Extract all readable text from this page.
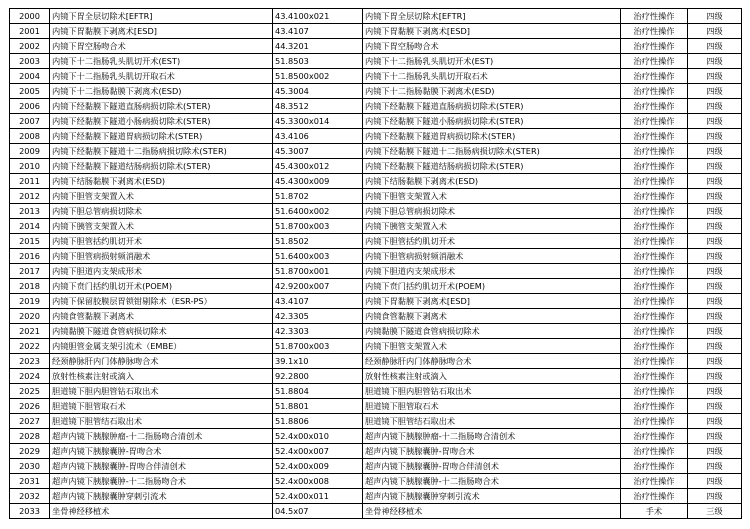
2000	内镜下胃全层切除术[EFTR]	43.4100x021	内镜下胃全层切除术[EFTR]	治疗性操作	四级
2001	内镜下胃黏膜下剥离术[ESD]	43.4107	内镜下胃黏膜下剥离术[ESD]	治疗性操作	四级
2002	内镜下胃空肠吻合术	44.3201	内镜下胃空肠吻合术	治疗性操作	四级
2003	内镜下十二指肠乳头肌切开术(EST)	51.8503	内镜下十二指肠乳头肌切开术(EST)	治疗性操作	四级
2004	内镜下十二指肠乳头肌切开取石术	51.8500x002	内镜下十二指肠乳头肌切开取石术	治疗性操作	四级
2005	内镜下十二指肠黏膜下剥离术(ESD)	45.3004	内镜下十二指肠黏膜下剥离术(ESD)	治疗性操作	四级
2006	内镜下经黏膜下隧道直肠病损切除术(STER)	48.3512	内镜下经黏膜下隧道直肠病损切除术(STER)	治疗性操作	四级
2007	内镜下经黏膜下隧道小肠病损切除术(STER)	45.3300x014	内镜下经黏膜下隧道小肠病损切除术(STER)	治疗性操作	四级
2008	内镜下经黏膜下隧道胃病损切除术(STER)	43.4106	内镜下经黏膜下隧道胃病损切除术(STER)	治疗性操作	四级
2009	内镜下经黏膜下隧道十二指肠病损切除术(STER)	45.3007	内镜下经黏膜下隧道十二指肠病损切除术(STER)	治疗性操作	四级
2010	内镜下经黏膜下隧道结肠病损切除术(STER)	45.4300x012	内镜下经黏膜下隧道结肠病损切除术(STER)	治疗性操作	四级
2011	内镜下结肠黏膜下剥离术(ESD)	45.4300x009	内镜下结肠黏膜下剥离术(ESD)	治疗性操作	四级
2012	内镜下胆管支架置入术	51.8702	内镜下胆管支架置入术	治疗性操作	四级
2013	内镜下胆总管病损切除术	51.6400x002	内镜下胆总管病损切除术	治疗性操作	四级
2014	内镜下胰管支架置入术	51.8700x003	内镜下胰管支架置入术	治疗性操作	四级
2015	内镜下胆管括约肌切开术	51.8502	内镜下胆管括约肌切开术	治疗性操作	四级
2016	内镜下胆管病损射频消融术	51.6400x003	内镜下胆管病损射频消融术	治疗性操作	四级
2017	内镜下胆道内支架成形术	51.8700x001	内镜下胆道内支架成形术	治疗性操作	四级
2018	内镜下贲门括约肌切开术(POEM)	42.9200x007	内镜下贲门括约肌切开术(POEM)	治疗性操作	四级
2019	内镜下保留胶膜层胃锁钳剔除术（ESR-PS）	43.4107	内镜下胃黏膜下剥离术[ESD]	治疗性操作	四级
2020	内镜食管黏膜下剥离术	42.3305	内镜食管黏膜下剥离术	治疗性操作	四级
2021	内镜黏膜下隧道食管病损切除术	42.3303	内镜黏膜下隧道食管病损切除术	治疗性操作	四级
2022	内镜胆管金属支架引流术（EMBE）	51.8700x003	内镜下胆管支架置入术	治疗性操作	四级
2023	经颈静脉肝内门体静脉吻合术	39.1x10	经颈静脉肝内门体静脉吻合术	治疗性操作	四级
2024	放射性核素注射或滴入	92.2800	放射性核素注射或滴入	治疗性操作	四级
2025	胆道镜下胆内胆管钻石取出术	51.8804	胆道镜下胆内胆管钻石取出术	治疗性操作	四级
2026	胆道镜下胆管取石术	51.8801	胆道镜下胆管取石术	治疗性操作	四级
2027	胆道镜下胆管结石取出术	51.8806	胆道镜下胆管结石取出术	治疗性操作	四级
2028	超声内镜下胰腺肿瘤-十二指肠吻合清创术	52.4x00x010	超声内镜下胰腺肿瘤-十二指肠吻合清创术	治疗性操作	四级
2029	超声内镜下胰腺囊肿-胃吻合术	52.4x00x007	超声内镜下胰腺囊肿-胃吻合术	治疗性操作	四级
2030	超声内镜下胰腺囊肿-胃吻合伴清创术	52.4x00x009	超声内镜下胰腺囊肿-胃吻合伴清创术	治疗性操作	四级
2031	超声内镜下胰腺囊肿-十二指肠吻合术	52.4x00x008	超声内镜下胰腺囊肿-十二指肠吻合术	治疗性操作	四级
2032	超声内镜下胰腺囊肿穿刺引流术	52.4x00x011	超声内镜下胰腺囊肿穿刺引流术	治疗性操作	四级
2033	坐骨神经移植术	04.5x07	坐骨神经移植术	手术	三级
